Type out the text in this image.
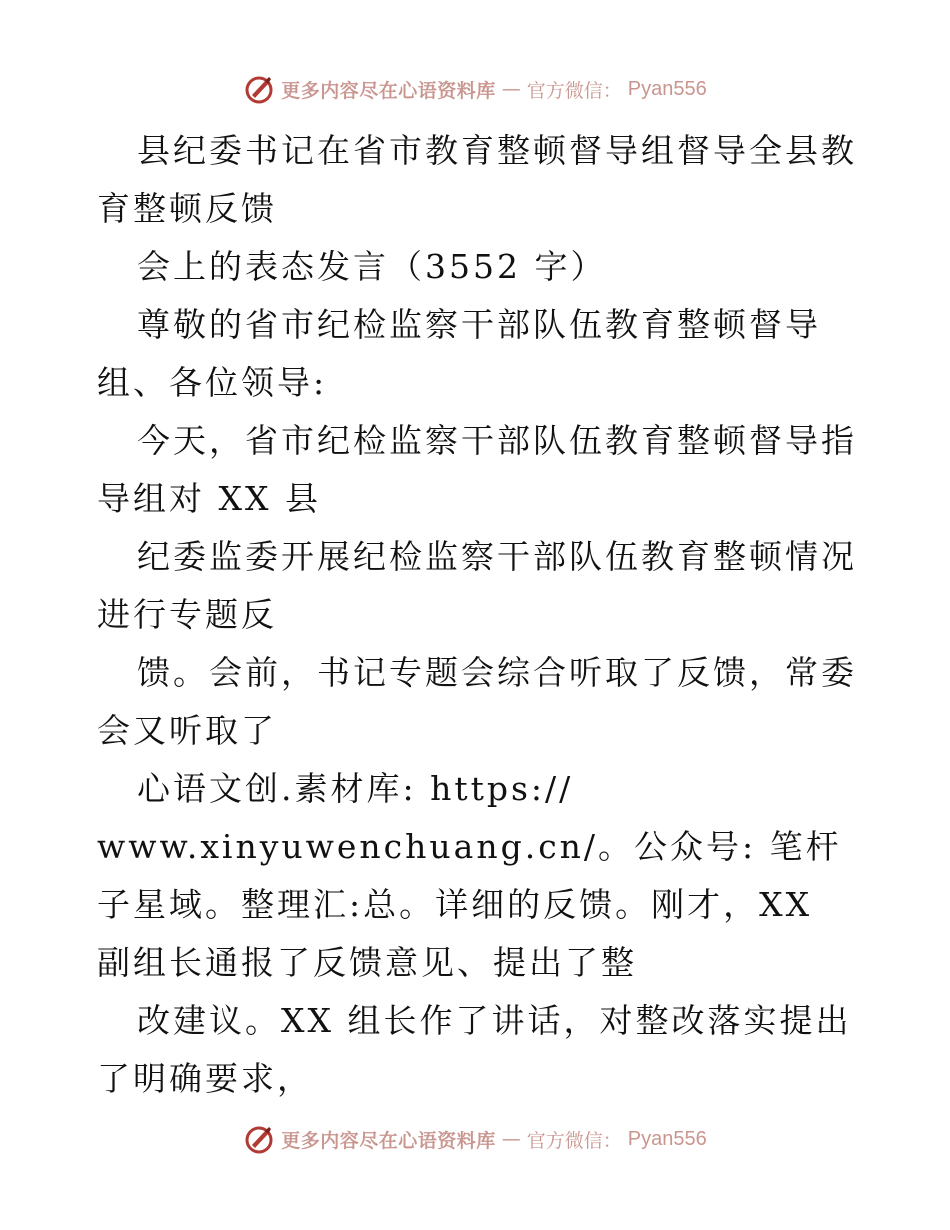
更多内容尽在心语资料库 — 官方微信： Pyan556

县纪委书记在省市教育整顿督导组督导全县教育整顿反馈

会上的表态发言（3552 字）

尊敬的省市纪检监察干部队伍教育整顿督导组、各位领导:

今天，省市纪检监察干部队伍教育整顿督导指导组对 XX 县

纪委监委开展纪检监察干部队伍教育整顿情况进行专题反

馈。会前，书记专题会综合听取了反馈，常委会又听取了

心语文创.素材库: https://

www.xinyuwenchuang.cn/。公众号: 笔杆子星域。整理汇:总。详细的反馈。刚才，XX 副组长通报了反馈意见、提出了整

改建议。XX 组长作了讲话，对整改落实提出了明确要求，

更多内容尽在心语资料库 — 官方微信： Pyan556
